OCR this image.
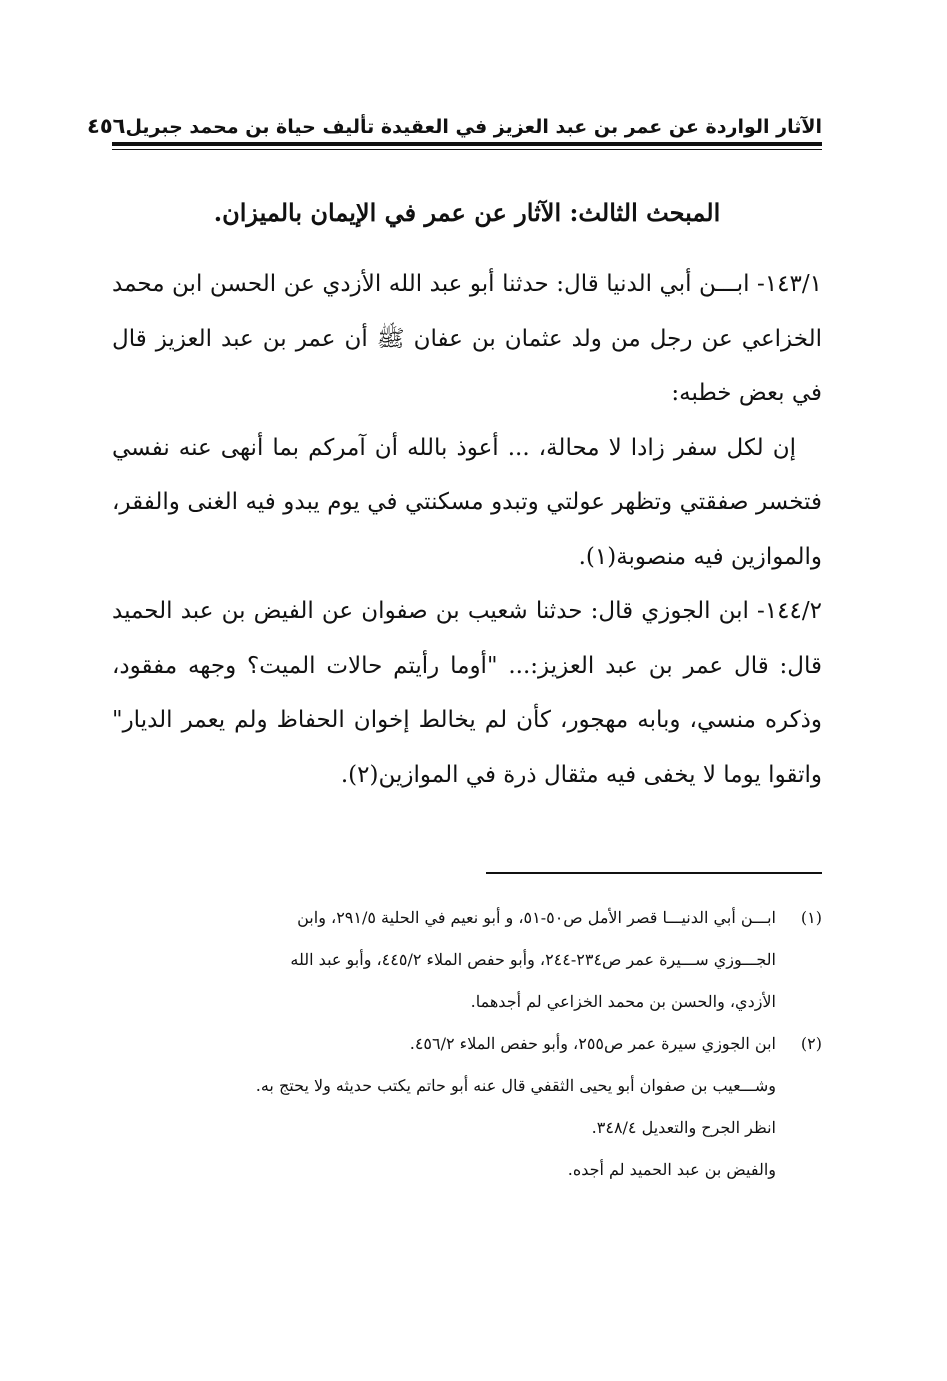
الآثار الواردة عن عمر بن عبد العزيز في العقيدة تأليف حياة بن محمد جبريل
٤٥٦
المبحث الثالث: الآثار عن عمر في الإيمان بالميزان.

١٤٣/١- ابـــن أبي الدنيا قال: حدثنا أبو عبد الله الأزدي عن الحسن ابن محمد الخزاعي عن رجل من ولد عثمان بن عفان ﷺ أن عمر بن عبد العزيز قال في بعض خطبه:

إن لكل سفر زادا لا محالة، ... أعوذ بالله أن آمركم بما أنهى عنه نفسي فتخسر صفقتي وتظهر عولتي وتبدو مسكنتي في يوم يبدو فيه الغنى والفقر، والموازين فيه منصوبة(١).

١٤٤/٢- ابن الجوزي قال: حدثنا شعيب بن صفوان عن الفيض بن عبد الحميد قال: قال عمر بن عبد العزيز:... "أوما رأيتم حالات الميت؟ وجهه مفقود، وذكره منسي، وبابه مهجور، كأن لم يخالط إخوان الحفاظ ولم يعمر الديار" واتقوا يوما لا يخفى فيه مثقال ذرة في الموازين(٢).

(١)
ابـــن أبي الدنيـــا قصر الأمل ص٥٠-٥١، و أبو نعيم في الحلية ٢٩١/٥، وابن
الجـــوزي ســـيرة عمر ص٢٣٤-٢٤٤، وأبو حفص الملاء ٤٤٥/٢، وأبو عبد الله
الأزدي، والحسن بن محمد الخزاعي لم أجدهما.
(٢)
ابن الجوزي سيرة عمر ص٢٥٥، وأبو حفص الملاء ٤٥٦/٢.
وشـــعيب بن صفوان أبو يحيى الثقفي قال عنه أبو حاتم يكتب حديثه ولا يحتج به.
انظر الجرح والتعديل ٣٤٨/٤.
والفيض بن عبد الحميد لم أجده.
